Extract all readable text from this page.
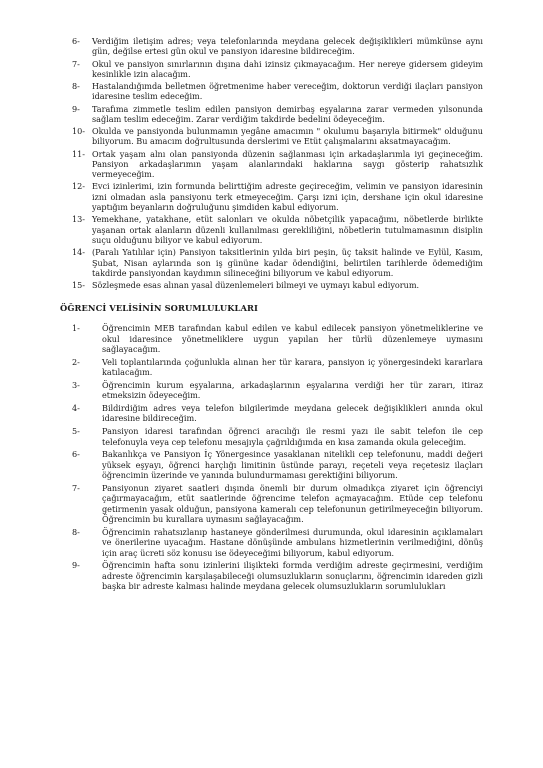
6-	Verdiğim iletişim adres; veya telefonlarında meydana gelecek değişiklikleri mümkünse aynı gün, değilse ertesi gün okul ve pansiyon idaresine bildireceğim.
7-	Okul ve pansiyon sınırlarının dışına dahi izinsiz çıkmayacağım. Her nereye gidersem gideyim kesinlikle izin alacağım.
8-	Hastalandığımda belletmen öğretmenime haber vereceğim, doktorun verdiği ilaçları pansiyon idaresine teslim edeceğim.
9-	Tarafıma zimmetle teslim edilen pansiyon demirbaş eşyalarına zarar vermeden yılsonunda sağlam teslim edeceğim. Zarar verdiğim takdirde bedelini ödeyeceğim.
10- Okulda ve pansiyonda bulunmamın yegâne amacımın " okulumu başarıyla bitirmek" olduğunu biliyorum. Bu amacım doğrultusunda derslerimi ve Etüt çalışmalarını aksatmayacağım.
11- Ortak yaşam alnı olan pansiyonda düzenin sağlanması için arkadaşlarımla iyi geçineceğim. Pansiyon arkadaşlarımın yaşam alanlarındaki haklarına saygı gösterip rahatsızlık vermeyeceğim.
12- Evci izinlerimi, izin formunda belirttiğim adreste geçireceğim, velimin ve pansiyon idaresinin izni olmadan asla pansiyonu terk etmeyeceğim. Çarşı izni için, dershane için okul idaresine yaptığım beyanların doğruluğunu şimdiden kabul ediyorum.
13- Yemekhane, yatakhane, etüt salonları ve okulda nöbetçilik yapacağımı, nöbetlerde birlikte yaşanan ortak alanların düzenli kullanılması gerekliliğini, nöbetlerin tutulmamasının disiplin suçu olduğunu biliyor ve kabul ediyorum.
14- (Paralı Yatılılar için) Pansiyon taksitlerinin yılda biri peşin, üç taksit halinde ve Eylül, Kasım, Şubat, Nisan aylarında son iş gününe kadar ödendiğini, belirtilen tarihlerde ödemediğim takdirde pansiyondan kaydımın silineceğini biliyorum ve kabul ediyorum.
15- Sözleşmede esas alınan yasal düzenlemeleri bilmeyi ve uymayı kabul ediyorum.
ÖĞRENCİ VELİSİNİN SORUMLULUKLARI
1-	Öğrencimin MEB tarafından kabul edilen ve kabul edilecek pansiyon yönetmeliklerine ve okul idaresince yönetmeliklere uygun yapılan her türlü düzenlemeye uymasını sağlayacağım.
2-	Veli toplantılarında çoğunlukla alınan her tür karara, pansiyon iç yönergesindeki kararlara katılacağım.
3-	Öğrencimin kurum eşyalarına, arkadaşlarının eşyalarına verdiği her tür zararı, itiraz etmeksizin ödeyeceğim.
4-	Bildirdiğim adres veya telefon bilgilerimde meydana gelecek değişiklikleri anında okul idaresine bildireceğim.
5-	Pansiyon idaresi tarafından öğrenci aracılığı ile resmi yazı ile sabit telefon ile cep telefonuyla veya cep telefonu mesajıyla çağrıldığımda en kısa zamanda okula geleceğim.
6-	Bakanlıkça ve Pansiyon İç Yönergesince yasaklanan nitelikli cep telefonunu, maddi değeri yüksek eşyayı, öğrenci harçlığı limitinin üstünde parayı, reçeteli veya reçetesiz ilaçları öğrencimin üzerinde ve yanında bulundurmaması gerektiğini biliyorum.
7-	Pansiyonun ziyaret saatleri dışında önemli bir durum olmadıkça ziyaret için öğrenciyi çağırmayacağım, etüt saatlerinde öğrencime telefon açmayacağım. Etüde cep telefonu getirmenin yasak olduğun, pansiyona kameralı cep telefonunun getirilmeyeceğin biliyorum. Öğrencimin bu kurallara uymasını sağlayacağım.
8-	Öğrencimin rahatsızlanıp hastaneye gönderilmesi durumunda, okul idaresinin açıklamaları ve önerilerine uyacağım. Hastane dönüşünde ambulans hizmetlerinin verilmediğini, dönüş için araç ücreti söz konusu ise ödeyeceğimi biliyorum, kabul ediyorum.
9-	Öğrencimin hafta sonu izinlerini ilişikteki formda verdiğim adreste geçirmesini, verdiğim adreste öğrencimin karşılaşabileceği olumsuzlukların sonuçlarını, öğrencimin idareden gizli başka bir adreste kalması halinde meydana gelecek olumsuzlukların sorumlulukları
